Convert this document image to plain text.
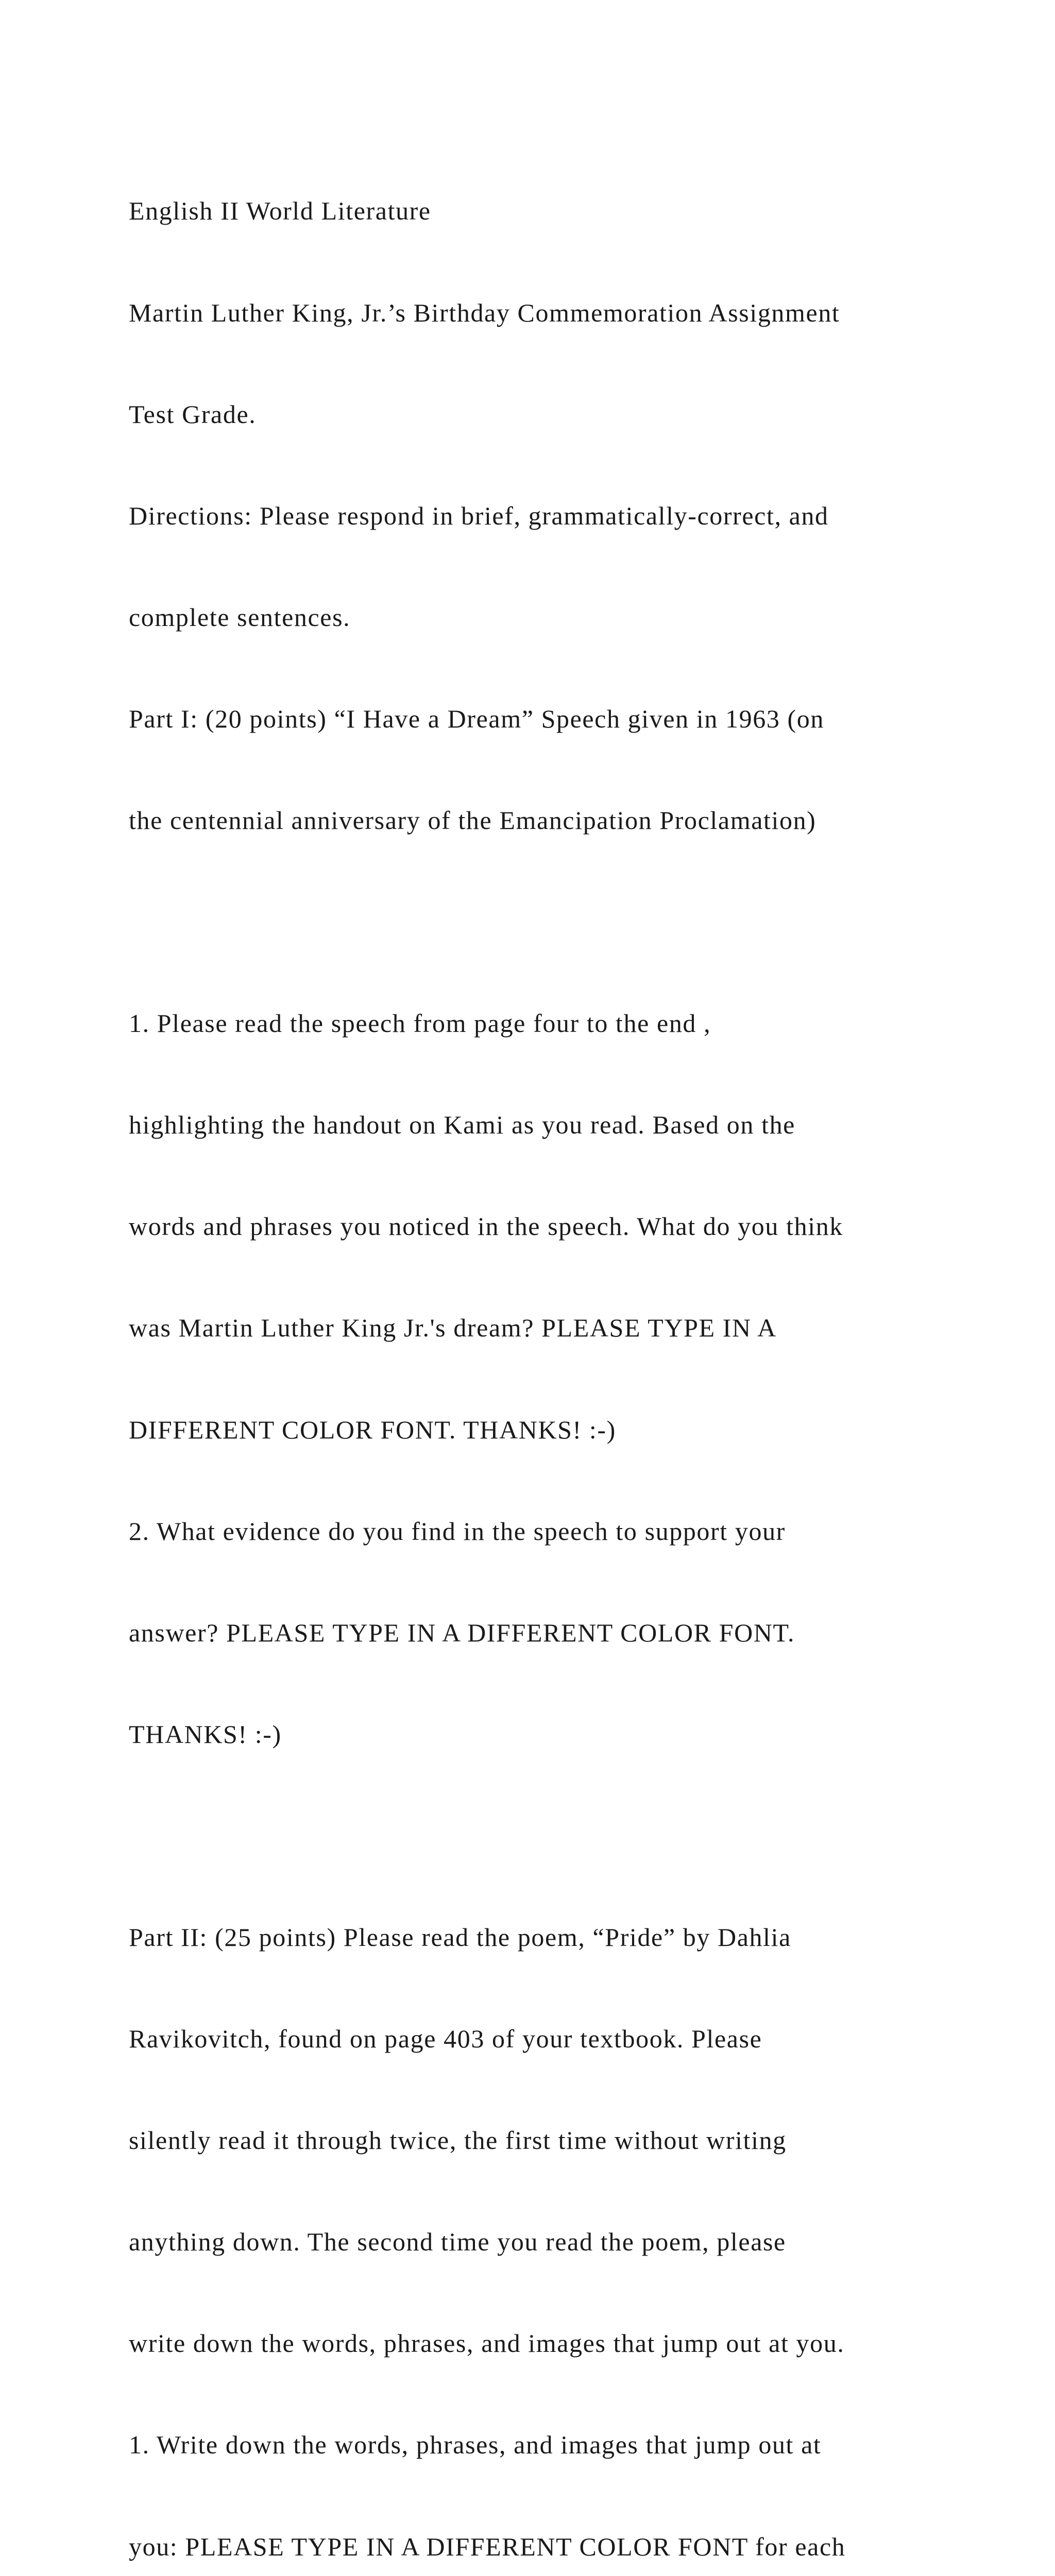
English II World Literature

Martin Luther King, Jr.’s Birthday Commemoration Assignment

Test Grade.

Directions: Please respond in brief, grammatically-correct, and

complete sentences.

Part I: (20 points) “I Have a Dream” Speech given in 1963 (on

the centennial anniversary of the Emancipation Proclamation)

1. Please read the speech from page four to the end ,

highlighting the handout on Kami as you read. Based on the

words and phrases you noticed in the speech. What do you think

was Martin Luther King Jr.'s dream? PLEASE TYPE IN A

DIFFERENT COLOR FONT. THANKS! :-)

2. What evidence do you find in the speech to support your

answer? PLEASE TYPE IN A DIFFERENT COLOR FONT.

THANKS! :-)

Part II: (25 points) Please read the poem, “Pride” by Dahlia

Ravikovitch, found on page 403 of your textbook. Please

silently read it through twice, the first time without writing

anything down. The second time you read the poem, please

write down the words, phrases, and images that jump out at you.

1. Write down the words, phrases, and images that jump out at

you: PLEASE TYPE IN A DIFFERENT COLOR FONT for each
